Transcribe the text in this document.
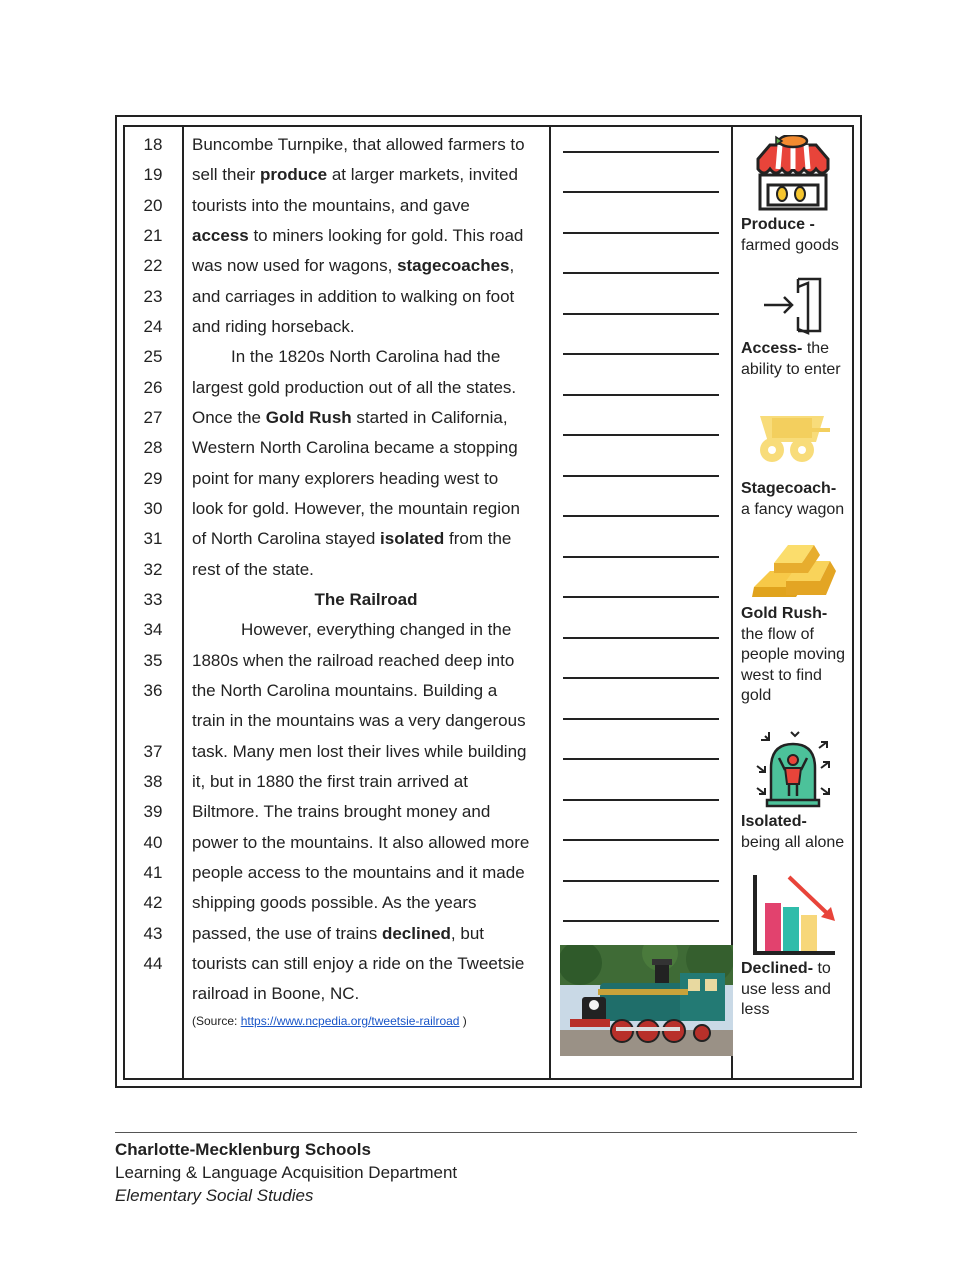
18
19
20
21
22
23
24
25
26
27
28
29
30
31
32
33
34
35
36
37
38
39
40
41
42
43
44
Buncombe Turnpike, that allowed farmers to
sell their produce at larger markets, invited
tourists into the mountains, and gave
access to miners looking for gold. This road
was now used for wagons, stagecoaches,
and carriages in addition to walking on foot
and riding horseback.
In the 1820s North Carolina had the
largest gold production out of all the states.
Once the Gold Rush started in California,
Western North Carolina became a stopping
point for many explorers heading west to
look for gold. However, the mountain region
of North Carolina stayed isolated from the
rest of the state.
The Railroad
However, everything changed in the
1880s when the railroad reached deep into
the North Carolina mountains. Building a
train in the mountains was a very dangerous
task. Many men lost their lives while building
it, but in 1880 the first train arrived at
Biltmore. The trains brought money and
power to the mountains. It also allowed more
people access to the mountains and it made
shipping goods possible. As the years
passed, the use of trains declined, but
tourists can still enjoy a ride on the Tweetsie
railroad in Boone, NC.
(Source: https://www.ncpedia.org/tweetsie-railroad )
Produce -
farmed goods
Access- the ability to enter
Stagecoach-
a fancy wagon
Gold Rush-
the flow of people moving west to find gold
Isolated-
being all alone
Declined- to use less and less
Charlotte-Mecklenburg Schools
Learning & Language Acquisition Department
Elementary Social Studies
